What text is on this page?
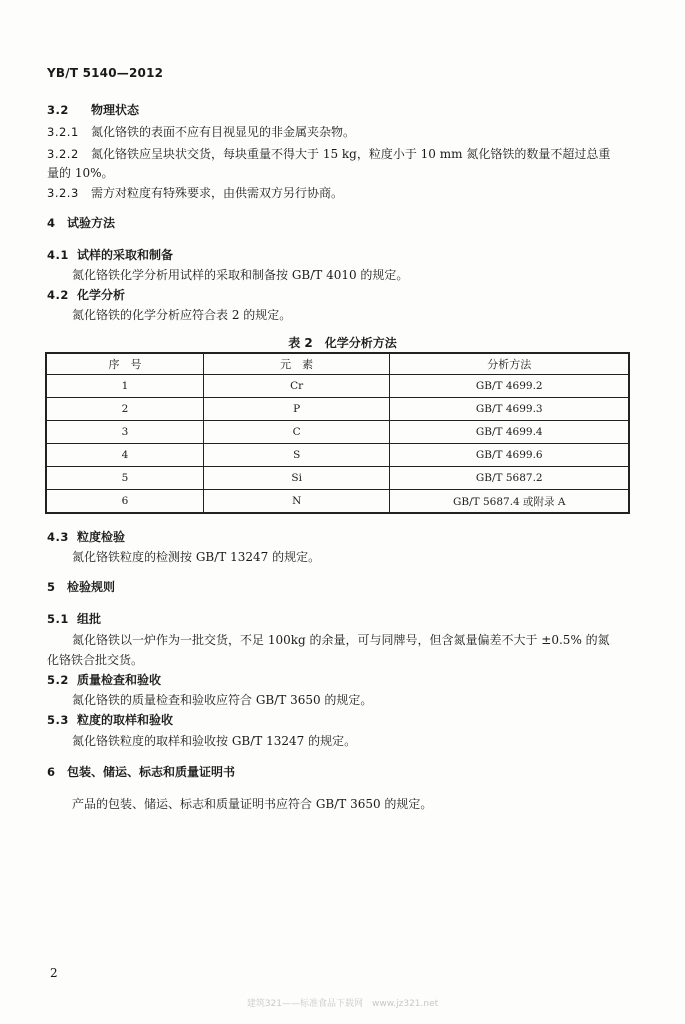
YB/T 5140—2012
3.2 物理状态
3.2.1 氮化铬铁的表面不应有目视显见的非金属夹杂物。
3.2.2 氮化铬铁应呈块状交货，每块重量不得大于 15 kg，粒度小于 10 mm 氮化铬铁的数量不超过总重
量的 10%。
3.2.3 需方对粒度有特殊要求，由供需双方另行协商。
4 试验方法
4.1 试样的采取和制备
氮化铬铁化学分析用试样的采取和制备按 GB/T 4010 的规定。
4.2 化学分析
氮化铬铁的化学分析应符合表 2 的规定。
表 2　化学分析方法
序　号	元　素	分析方法
1	Cr	GB/T 4699.2
2	P	GB/T 4699.3
3	C	GB/T 4699.4
4	S	GB/T 4699.6
5	Si	GB/T 5687.2
6	N	GB/T 5687.4 或附录 A
4.3 粒度检验
氮化铬铁粒度的检测按 GB/T 13247 的规定。
5 检验规则
5.1 组批
氮化铬铁以一炉作为一批交货，不足 100kg 的余量，可与同牌号，但含氮量偏差不大于 ±0.5% 的氮
化铬铁合批交货。
5.2 质量检查和验收
氮化铬铁的质量检查和验收应符合 GB/T 3650 的规定。
5.3 粒度的取样和验收
氮化铬铁粒度的取样和验收按 GB/T 13247 的规定。
6 包装、储运、标志和质量证明书
产品的包装、储运、标志和质量证明书应符合 GB/T 3650 的规定。
2
建筑321——标准食品下载网　www.jz321.net
